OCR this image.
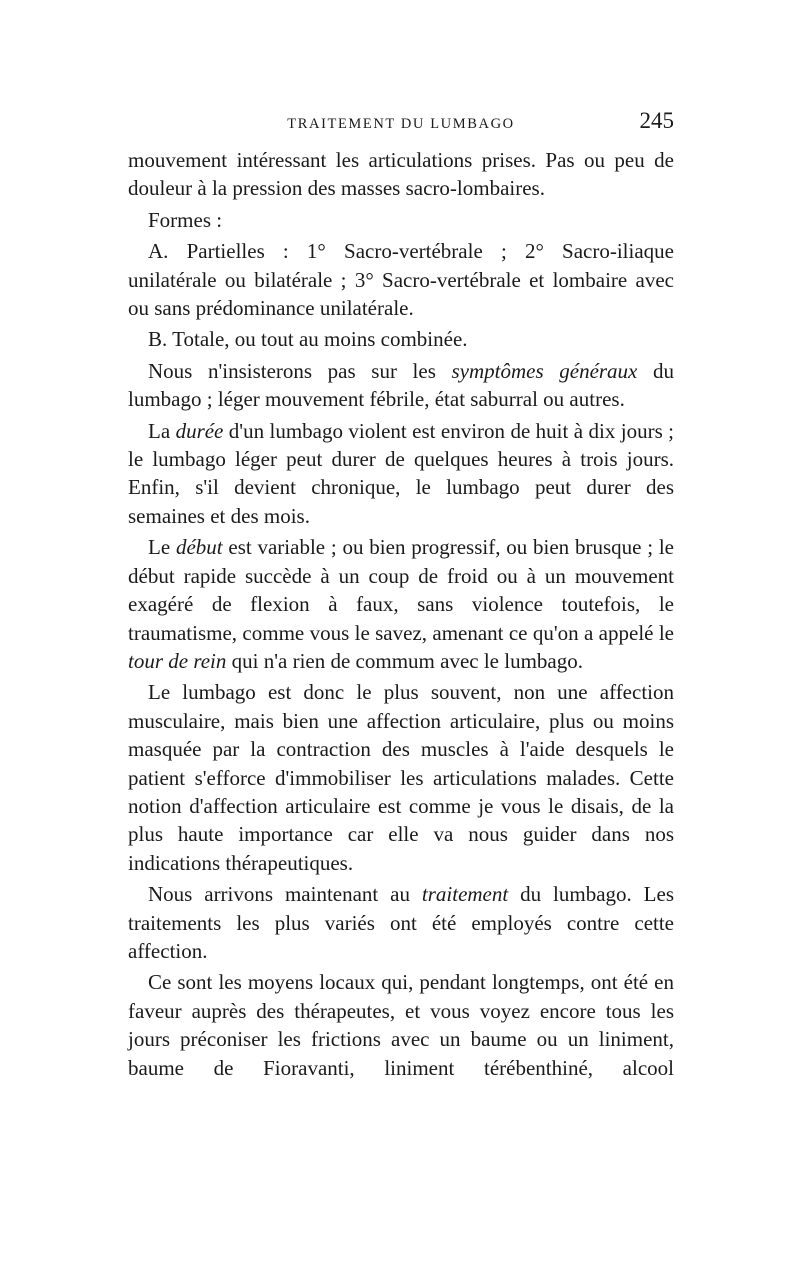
TRAITEMENT DU LUMBAGO	245

mouvement intéressant les articulations prises. Pas ou peu de douleur à la pression des masses sacro-lombaires.

Formes :

A. Partielles : 1° Sacro-vertébrale ; 2° Sacro-iliaque unilatérale ou bilatérale ; 3° Sacro-vertébrale et lombaire avec ou sans prédominance unilatérale.

B. Totale, ou tout au moins combinée.

Nous n'insisterons pas sur les symptômes généraux du lumbago ; léger mouvement fébrile, état saburral ou autres.

La durée d'un lumbago violent est environ de huit à dix jours ; le lumbago léger peut durer de quelques heures à trois jours. Enfin, s'il devient chronique, le lumbago peut durer des semaines et des mois.

Le début est variable ; ou bien progressif, ou bien brusque ; le début rapide succède à un coup de froid ou à un mouvement exagéré de flexion à faux, sans violence toutefois, le traumatisme, comme vous le savez, amenant ce qu'on a appelé le tour de rein qui n'a rien de commum avec le lumbago.

Le lumbago est donc le plus souvent, non une affection musculaire, mais bien une affection articulaire, plus ou moins masquée par la contraction des muscles à l'aide desquels le patient s'efforce d'immobiliser les articulations malades. Cette notion d'affection articulaire est comme je vous le disais, de la plus haute importance car elle va nous guider dans nos indications thérapeutiques.

Nous arrivons maintenant au traitement du lumbago. Les traitements les plus variés ont été employés contre cette affection.

Ce sont les moyens locaux qui, pendant longtemps, ont été en faveur auprès des thérapeutes, et vous voyez encore tous les jours préconiser les frictions avec un baume ou un liniment, baume de Fioravanti, liniment térébenthiné, alcool
